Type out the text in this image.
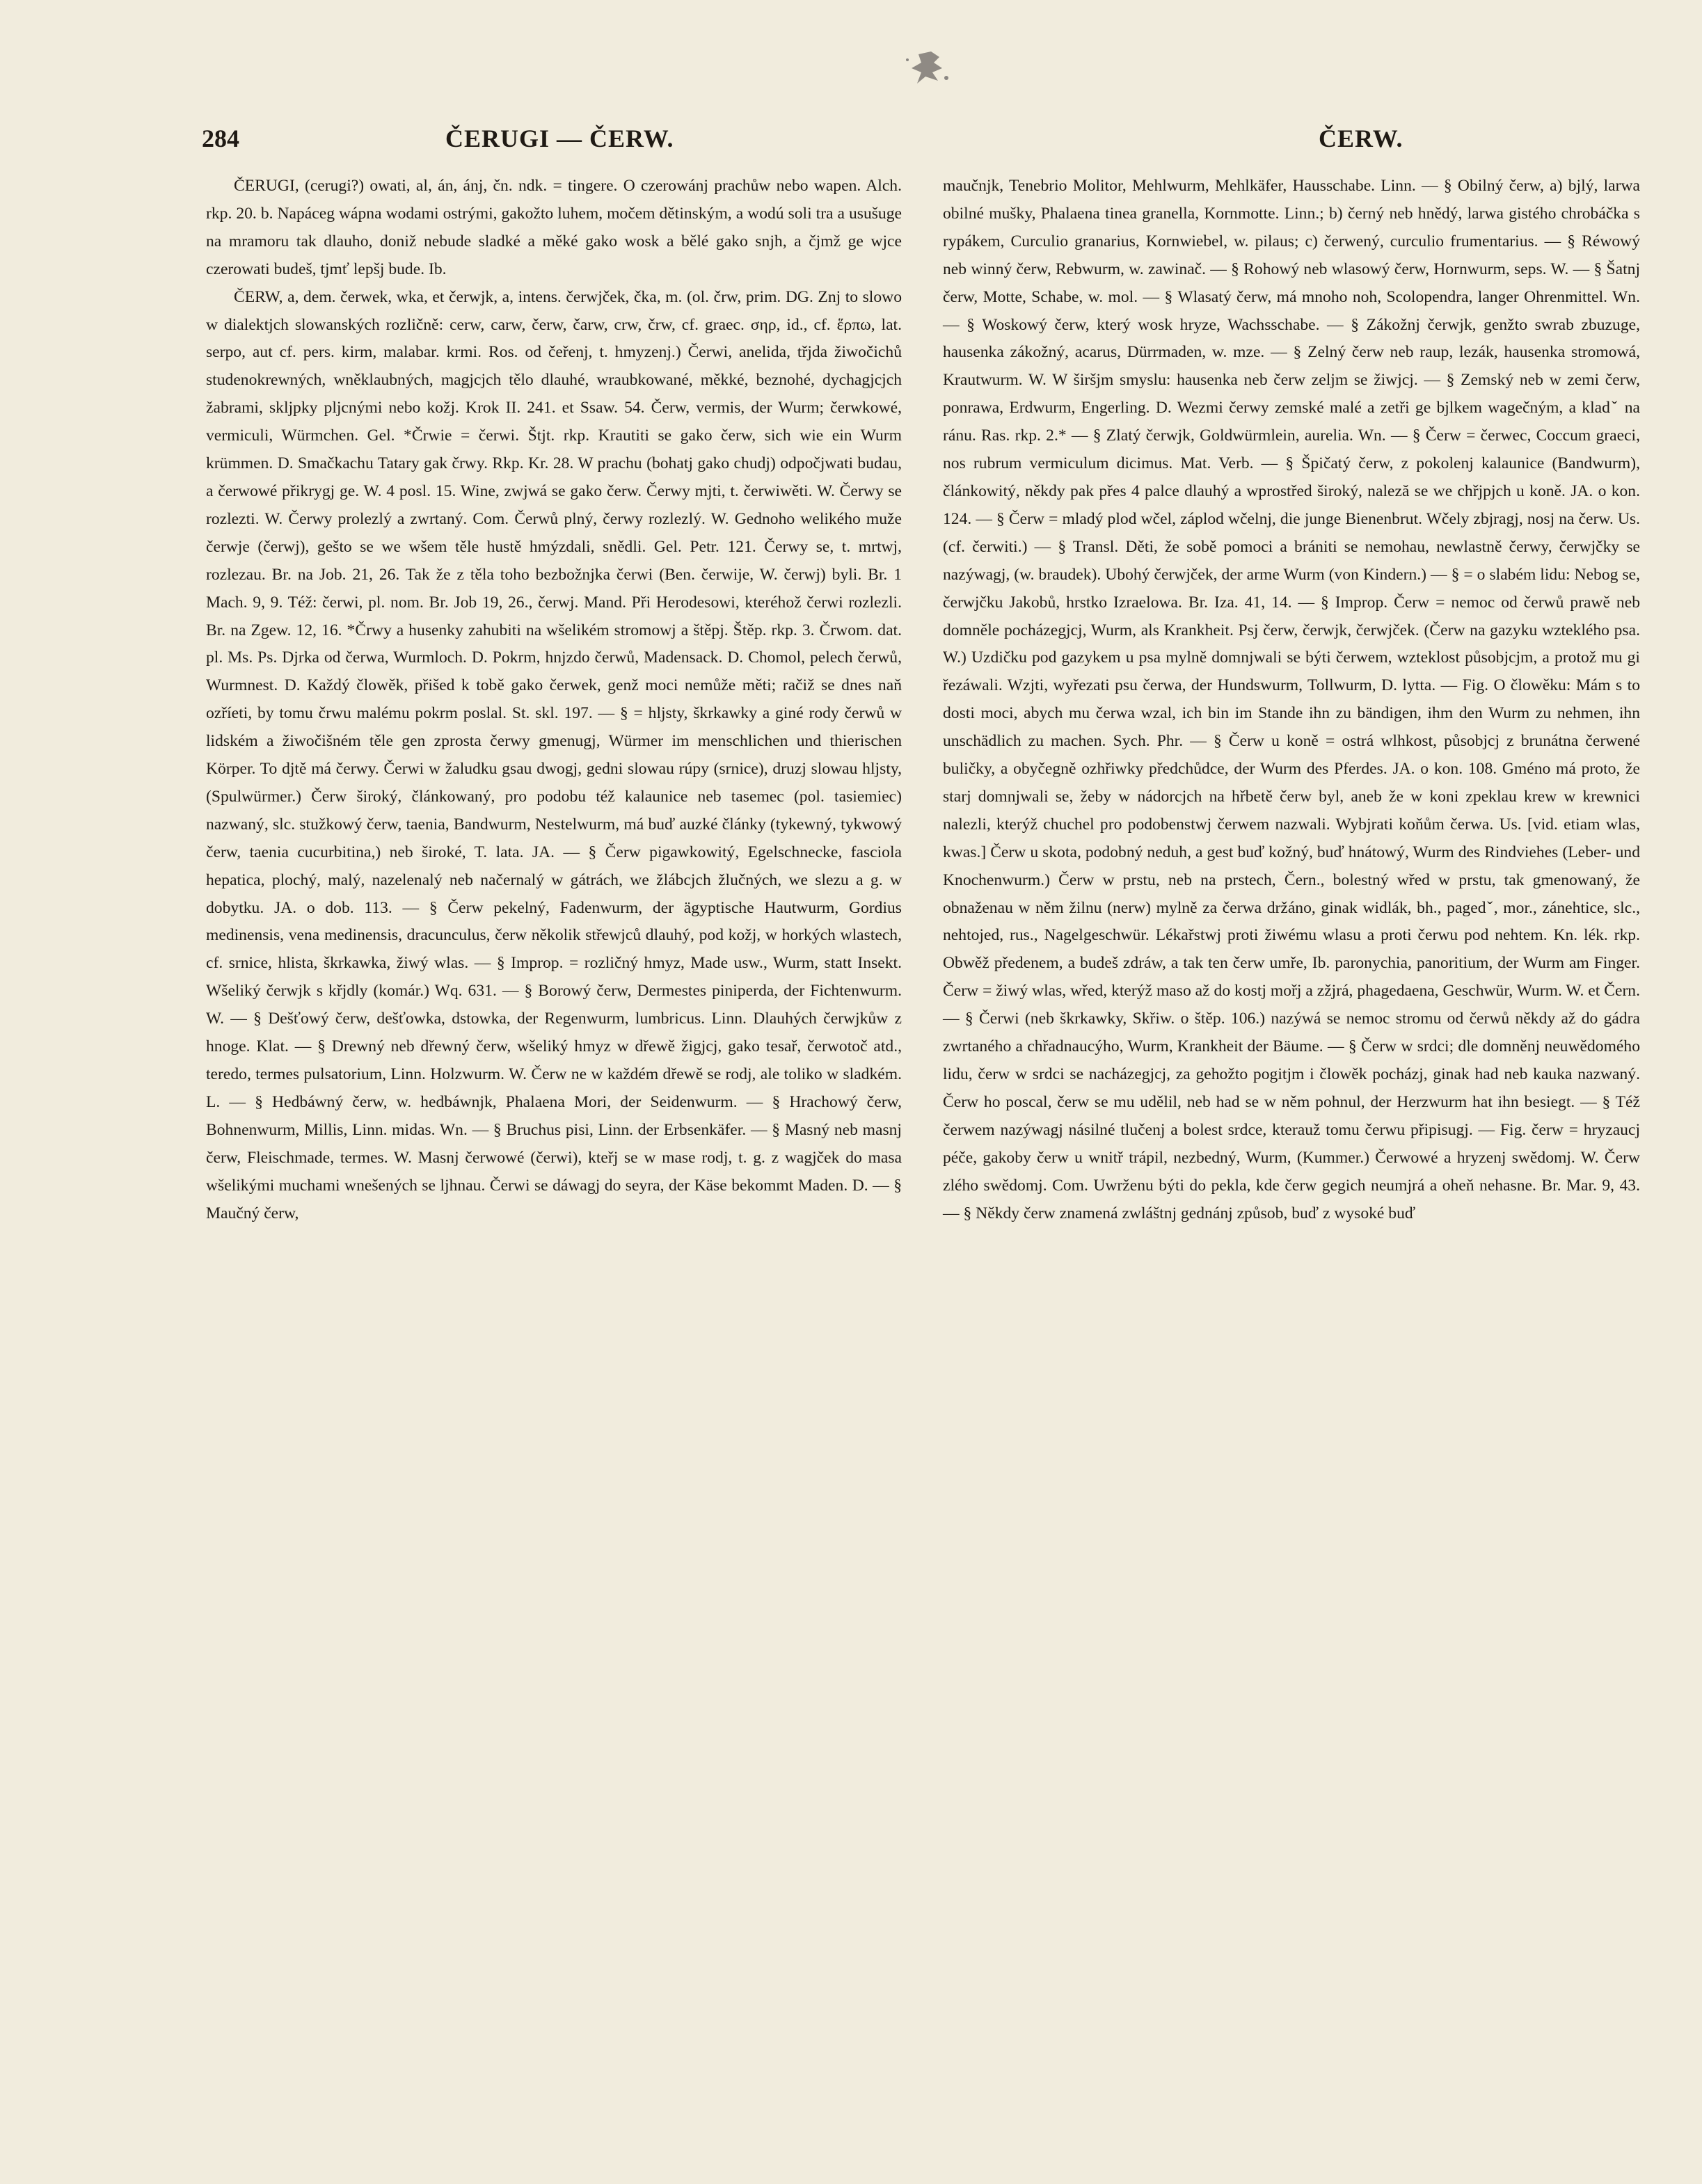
284	ČERUGI — ČERW.	ČERW.

ČERUGI, (cerugi?) owati, al, án, ánj, čn. ndk. = tingere. O czerowánj prachůw nebo wapen. Alch. rkp. 20. b. Napáceg wápna wodami ostrými, gakožto luhem, močem dětinským, a wodú soli tra a usušuge na mramoru tak dlauho, doniž nebude sladké a měké gako wosk a bělé gako snjh, a čjmž ge wjce czerowati budeš, tjmť lepšj bude. Ib.

ČERW, a, dem. čerwek, wka, et čerwjk, a, intens. čerwjček, čka, m. (ol. črw, prim. DG. Znj to slowo w dialektjch slowanských rozličně: cerw, carw, čerw, čarw, crw, črw, cf. graec. σηρ, id., cf. ἕρπω, lat. serpo, aut cf. pers. kirm, malabar. krmi. Ros. od čeřenj, t. hmyzenj.) Čerwi, anelida, třjda žiwočichů studenokrewných, wněklaubných, magjcjch tělo dlauhé, wraubkowané, měkké, beznohé, dychagjcjch žabrami, skljpky pljcnými nebo kožj. Krok II. 241. et Ssaw. 54. Čerw, vermis, der Wurm; čerwkowé, vermiculi, Würmchen. Gel. *Črwie = čerwi. Štjt. rkp. Krautiti se gako čerw, sich wie ein Wurm krümmen. D. Smačkachu Tatary gak črwy. Rkp. Kr. 28. W prachu (bohatj gako chudj) odpočjwati budau, a čerwowé přikrygj ge. W. 4 posl. 15. Wine, zwjwá se gako čerw. Čerwy mjti, t. čerwiwěti. W. Čerwy se rozlezti. W. Čerwy prolezlý a zwrtaný. Com. Čerwů plný, čerwy rozlezlý. W. Gednoho welikého muže čerwje (čerwj), gešto se we wšem těle hustě hmýzdali, snědli. Gel. Petr. 121. Čerwy se, t. mrtwj, rozlezau. Br. na Job. 21, 26. Tak že z těla toho bezbožnjka čerwi (Ben. čerwije, W. čerwj) byli. Br. 1 Mach. 9, 9. Též: čerwi, pl. nom. Br. Job 19, 26., čerwj. Mand. Při Herodesowi, kteréhož čerwi rozlezli. Br. na Zgew. 12, 16. *Črwy a husenky zahubiti na wšelikém stromowj a štěpj. Štěp. rkp. 3. Črwom. dat. pl. Ms. Ps. Djrka od čerwa, Wurmloch. D. Pokrm, hnjzdo čerwů, Madensack. D. Chomol, pelech čerwů, Wurmnest. D. Každý člowěk, přišed k tobě gako čerwek, genž moci nemůže měti; račiž se dnes naň ozříeti, by tomu črwu malému pokrm poslal. St. skl. 197. — § = hljsty, škrkawky a giné rody čerwů w lidském a žiwočišném těle gen zprosta čerwy gmenugj, Würmer im menschlichen und thierischen Körper. To djtě má čerwy. Čerwi w žaludku gsau dwogj, gedni slowau rúpy (srnice), druzj slowau hljsty, (Spulwürmer.) Čerw široký, článkowaný, pro podobu též kalaunice neb tasemec (pol. tasiemiec) nazwaný, slc. stužkowý čerw, taenia, Bandwurm, Nestelwurm, má buď auzké články (tykewný, tykwowý čerw, taenia cucurbitina,) neb široké, T. lata. JA. — § Čerw pigawkowitý, Egelschnecke, fasciola hepatica, plochý, malý, nazelenalý neb načernalý w gátrách, we žlábcjch žlučných, we slezu a g. w dobytku. JA. o dob. 113. — § Čerw pekelný, Fadenwurm, der ägyptische Hautwurm, Gordius medinensis, vena medinensis, dracunculus, čerw několik střewjců dlauhý, pod kožj, w horkých wlastech, cf. srnice, hlista, škrkawka, žiwý wlas. — § Improp. = rozličný hmyz, Made usw., Wurm, statt Insekt. Wšeliký čerwjk s křjdly (komár.) Wq. 631. — § Borowý čerw, Dermestes piniperda, der Fichtenwurm. W. — § Dešťowý čerw, dešťowka, dstowka, der Regenwurm, lumbricus. Linn. Dlauhých čerwjkůw z hnoge. Klat. — § Drewný neb dřewný čerw, wšeliký hmyz w dřewě žigjcj, gako tesař, čerwotoč atd., teredo, termes pulsatorium, Linn. Holzwurm. W. Čerw ne w každém dřewě se rodj, ale toliko w sladkém. L. — § Hedbáwný čerw, w. hedbáwnjk, Phalaena Mori, der Seidenwurm. — § Hrachowý čerw, Bohnenwurm, Millis, Linn. midas. Wn. — § Bruchus pisi, Linn. der Erbsenkäfer. — § Masný neb masnj čerw, Fleischmade, termes. W. Masnj čerwowé (čerwi), kteřj se w mase rodj, t. g. z wagjček do masa wšelikými muchami wnešených se ljhnau. Čerwi se dáwagj do seyra, der Käse bekommt Maden. D. — § Maučný čerw,

maučnjk, Tenebrio Molitor, Mehlwurm, Mehlkäfer, Hausschabe. Linn. — § Obilný čerw, a) bjlý, larwa obilné mušky, Phalaena tinea granella, Kornmotte. Linn.; b) černý neb hnědý, larwa gistého chrobáčka s rypákem, Curculio granarius, Kornwiebel, w. pilaus; c) čerwený, curculio frumentarius. — § Réwowý neb winný čerw, Rebwurm, w. zawinač. — § Rohowý neb wlasowý čerw, Hornwurm, seps. W. — § Šatnj čerw, Motte, Schabe, w. mol. — § Wlasatý čerw, má mnoho noh, Scolopendra, langer Ohrenmittel. Wn. — § Woskowý čerw, který wosk hryze, Wachsschabe. — § Zákožnj čerwjk, genžto swrab zbuzuge, hausenka zákožný, acarus, Dürrmaden, w. mze. — § Zelný čerw neb raup, lezák, hausenka stromowá, Krautwurm. W. W širšjm smyslu: hausenka neb čerw zeljm se žiwjcj. — § Zemský neb w zemi čerw, ponrawa, Erdwurm, Engerling. D. Wezmi čerwy zemské malé a zetři ge bjlkem wagečným, a kladˇ na ránu. Ras. rkp. 2.* — § Zlatý čerwjk, Goldwürmlein, aurelia. Wn. — § Čerw = čerwec, Coccum graeci, nos rubrum vermiculum dicimus. Mat. Verb. — § Špičatý čerw, z pokolenj kalaunice (Bandwurm), článkowitý, někdy pak přes 4 palce dlauhý a wprostřed široký, naleză se we chřjpjch u koně. JA. o kon. 124. — § Čerw = mladý plod wčel, záplod wčelnj, die junge Bienenbrut. Wčely zbjragj, nosj na čerw. Us. (cf. čerwiti.) — § Transl. Děti, že sobě pomoci a brániti se nemohau, newlastně čerwy, čerwjčky se nazýwagj, (w. braudek). Ubohý čerwjček, der arme Wurm (von Kindern.) — § = o slabém lidu: Nebog se, čerwjčku Jakobů, hrstko Izraelowa. Br. Iza. 41, 14. — § Improp. Čerw = nemoc od čerwů prawě neb domněle pocházegjcj, Wurm, als Krankheit. Psj čerw, čerwjk, čerwjček. (Čerw na gazyku wzteklého psa. W.) Uzdičku pod gazykem u psa mylně domnjwali se býti čerwem, wzteklost působjcjm, a protož mu gi řezáwali. Wzjti, wyřezati psu čerwa, der Hundswurm, Tollwurm, D. lytta. — Fig. O člowěku: Mám s to dosti moci, abych mu čerwa wzal, ich bin im Stande ihn zu bändigen, ihm den Wurm zu nehmen, ihn unschädlich zu machen. Sych. Phr. — § Čerw u koně = ostrá wlhkost, působjcj z brunátna čerwené buličky, a obyčegně ozhřiwky předchůdce, der Wurm des Pferdes. JA. o kon. 108. Gméno má proto, že starj domnjwali se, žeby w nádorcjch na hřbetě čerw byl, aneb že w koni zpeklau krew w krewnici nalezli, kterýž chuchel pro podobenstwj čerwem nazwali. Wybjrati koňům čerwa. Us. [vid. etiam wlas, kwas.] Čerw u skota, podobný neduh, a gest buď kožný, buď hnátowý, Wurm des Rindviehes (Leber- und Knochenwurm.) Čerw w prstu, neb na prstech, Čern., bolestný wřed w prstu, tak gmenowaný, že obnaženau w něm žilnu (nerw) mylně za čerwa držáno, ginak widlák, bh., pagedˇ, mor., zánehtice, slc., nehtojed, rus., Nagelgeschwür. Lékařstwj proti žiwému wlasu a proti čerwu pod nehtem. Kn. lék. rkp. Obwěž předenem, a budeš zdráw, a tak ten čerw umře, Ib. paronychia, panoritium, der Wurm am Finger. Čerw = žiwý wlas, wřed, kterýž maso až do kostj mořj a zžjrá, phagedaena, Geschwür, Wurm. W. et Čern. — § Čerwi (neb škrkawky, Skřiw. o štěp. 106.) nazýwá se nemoc stromu od čerwů někdy až do gádra zwrtaného a chřadnaucýho, Wurm, Krankheit der Bäume. — § Čerw w srdci; dle domněnj neuwědomého lidu, čerw w srdci se nacházegjcj, za gehožto pogitjm i člowěk pocházj, ginak had neb kauka nazwaný. Čerw ho poscal, čerw se mu udělil, neb had se w něm pohnul, der Herzwurm hat ihn besiegt. — § Též čerwem nazýwagj násilné tlučenj a bolest srdce, kterauž tomu čerwu připisugj. — Fig. čerw = hryzaucj péče, gakoby čerw u wnitř trápil, nezbedný, Wurm, (Kummer.) Čerwowé a hryzenj swědomj. W. Čerw zlého swědomj. Com. Uwrženu býti do pekla, kde čerw gegich neumjrá a oheň nehasne. Br. Mar. 9, 43. — § Někdy čerw znamená zwláštnj gednánj způsob, buď z wysoké buď
